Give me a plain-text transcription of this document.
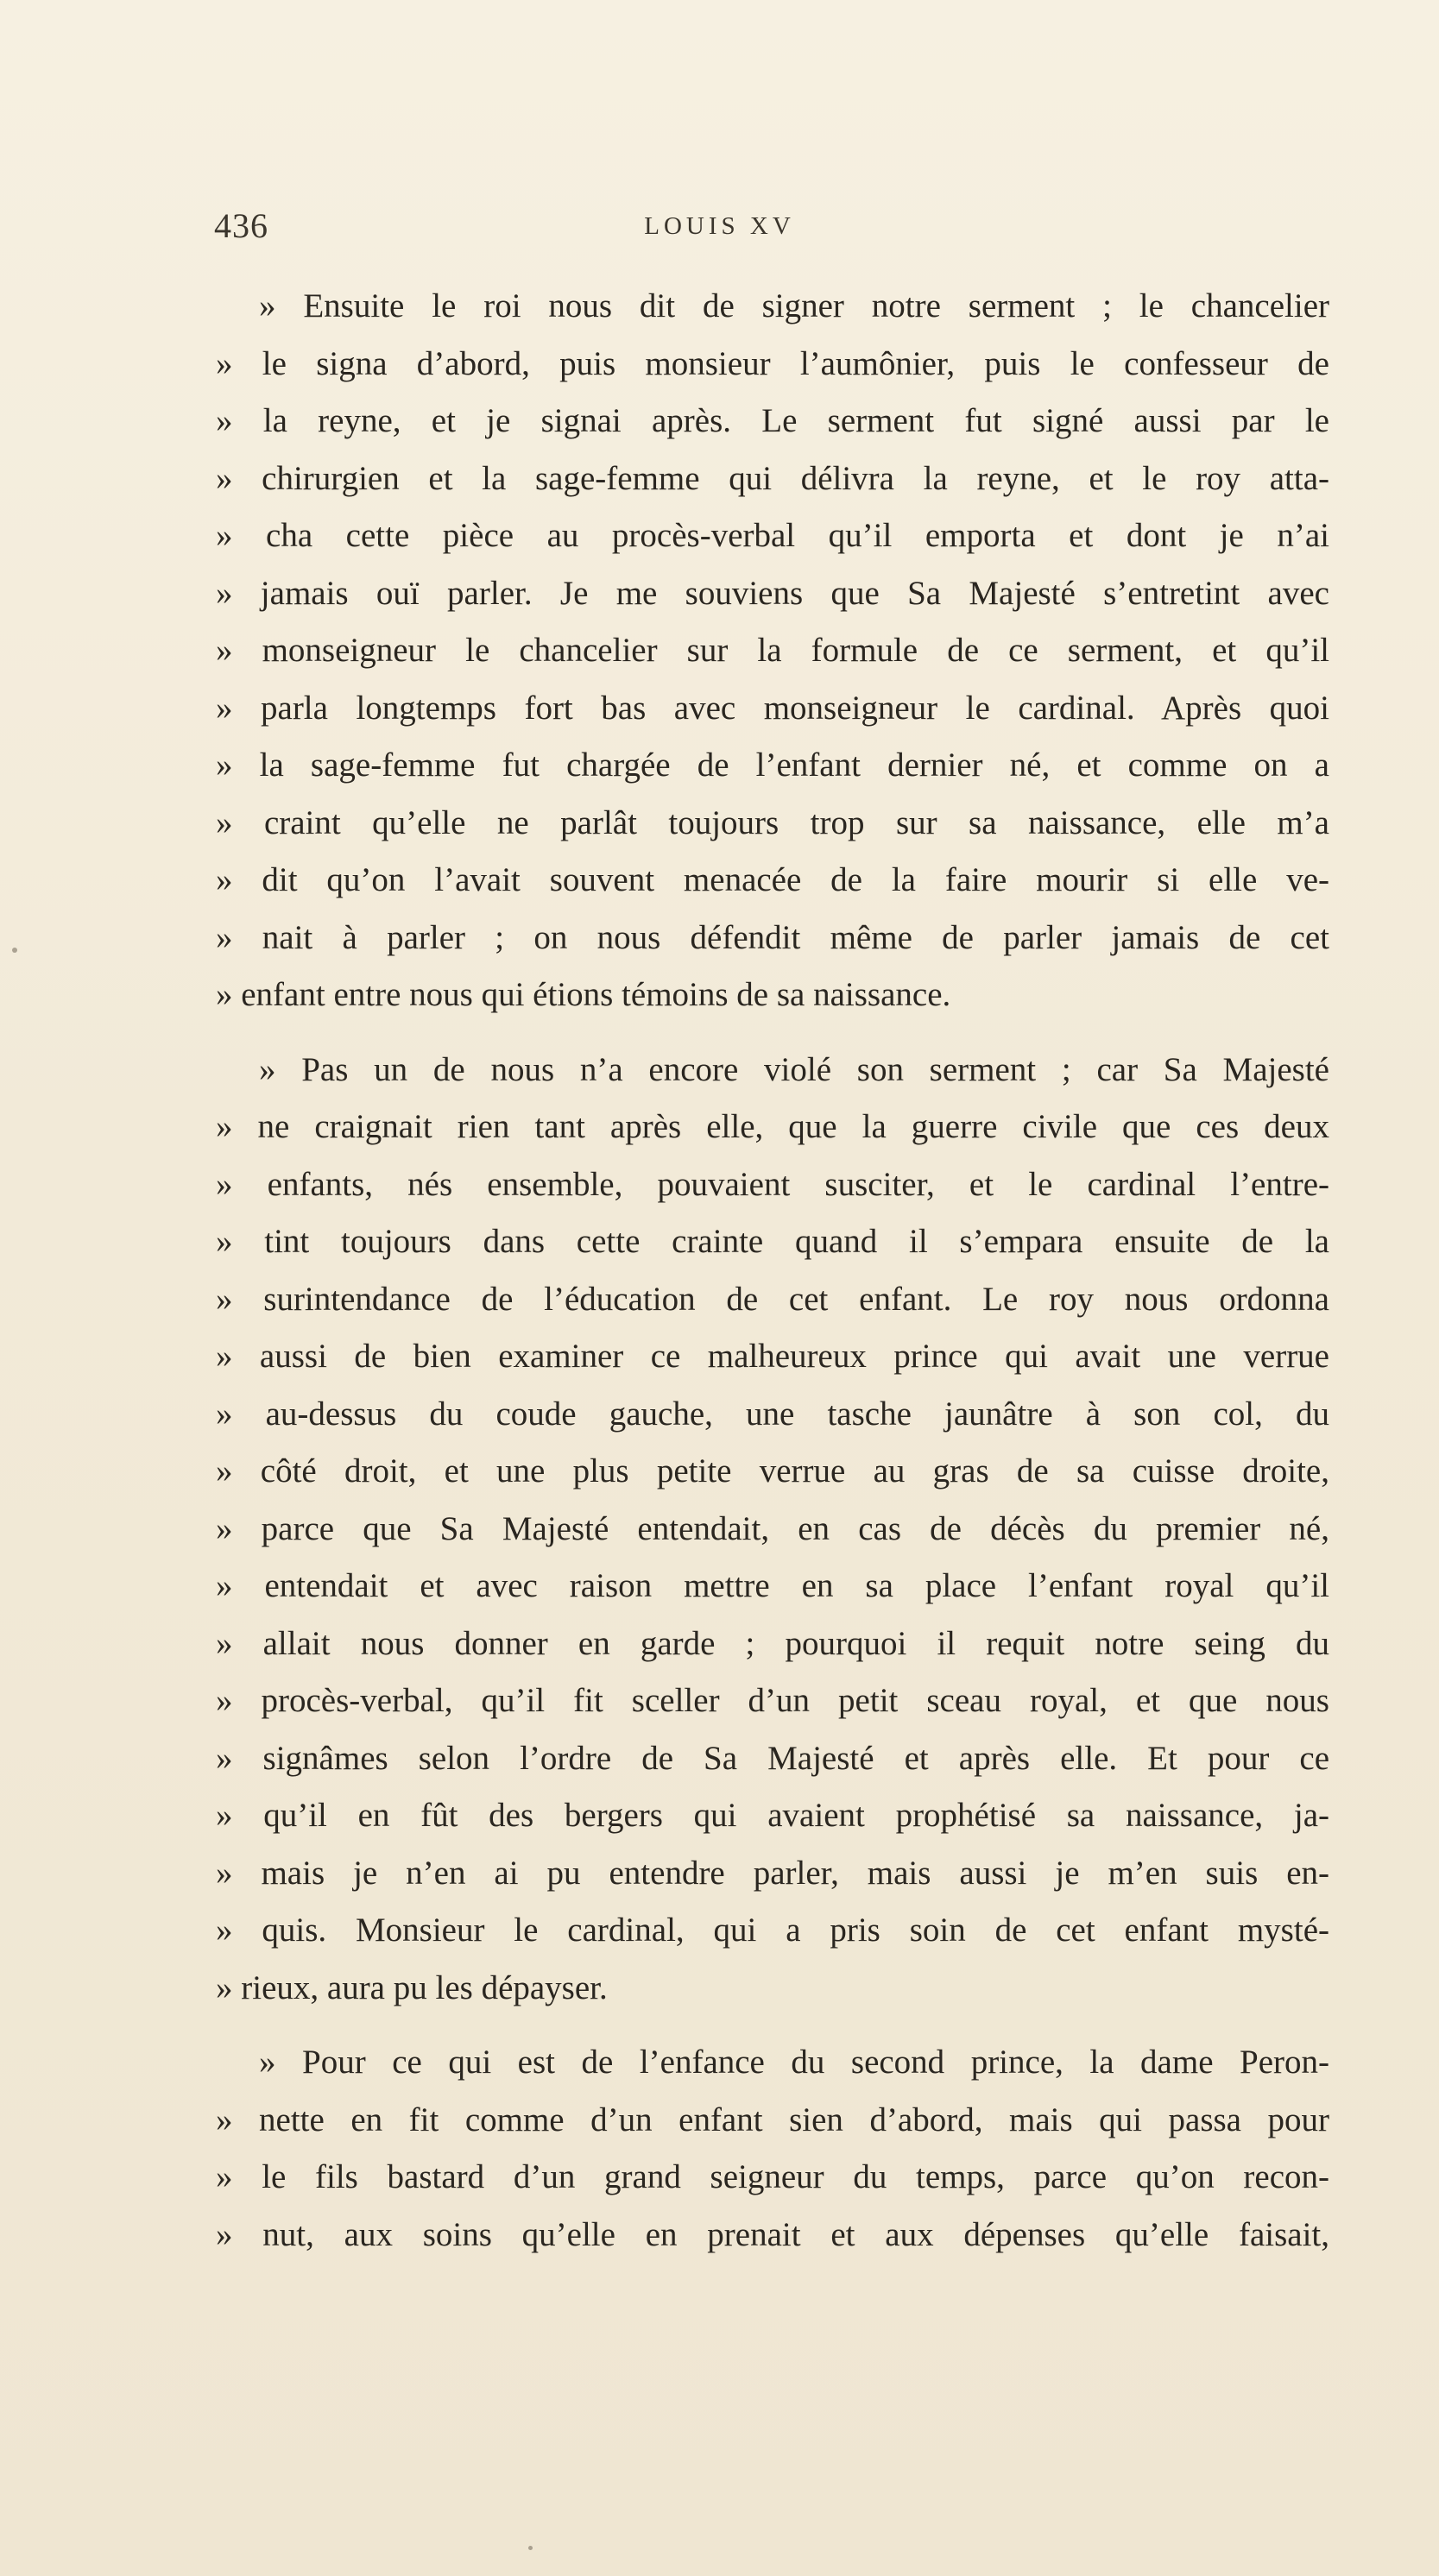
436	LOUIS XV

» Ensuite le roi nous dit de signer notre serment ; le chancelier
» le signa d’abord, puis monsieur l’aumônier, puis le confesseur de
» la reyne, et je signai après. Le serment fut signé aussi par le
» chirurgien et la sage-femme qui délivra la reyne, et le roy atta-
» cha cette pièce au procès-verbal qu’il emporta et dont je n’ai
» jamais ouï parler. Je me souviens que Sa Majesté s’entretint avec
» monseigneur le chancelier sur la formule de ce serment, et qu’il
» parla longtemps fort bas avec monseigneur le cardinal. Après quoi
» la sage-femme fut chargée de l’enfant dernier né, et comme on a
» craint qu’elle ne parlât toujours trop sur sa naissance, elle m’a
» dit qu’on l’avait souvent menacée de la faire mourir si elle ve-
» nait à parler ; on nous défendit même de parler jamais de cet
» enfant entre nous qui étions témoins de sa naissance.

» Pas un de nous n’a encore violé son serment ; car Sa Majesté
» ne craignait rien tant après elle, que la guerre civile que ces deux
» enfants, nés ensemble, pouvaient susciter, et le cardinal l’entre-
» tint toujours dans cette crainte quand il s’empara ensuite de la
» surintendance de l’éducation de cet enfant. Le roy nous ordonna
» aussi de bien examiner ce malheureux prince qui avait une verrue
» au-dessus du coude gauche, une tasche jaunâtre à son col, du
» côté droit, et une plus petite verrue au gras de sa cuisse droite,
» parce que Sa Majesté entendait, en cas de décès du premier né,
» entendait et avec raison mettre en sa place l’enfant royal qu’il
» allait nous donner en garde ; pourquoi il requit notre seing du
» procès-verbal, qu’il fit sceller d’un petit sceau royal, et que nous
» signâmes selon l’ordre de Sa Majesté et après elle. Et pour ce
» qu’il en fût des bergers qui avaient prophétisé sa naissance, ja-
» mais je n’en ai pu entendre parler, mais aussi je m’en suis en-
» quis. Monsieur le cardinal, qui a pris soin de cet enfant mysté-
» rieux, aura pu les dépayser.

» Pour ce qui est de l’enfance du second prince, la dame Peron-
» nette en fit comme d’un enfant sien d’abord, mais qui passa pour
» le fils bastard d’un grand seigneur du temps, parce qu’on recon-
» nut, aux soins qu’elle en prenait et aux dépenses qu’elle faisait,
